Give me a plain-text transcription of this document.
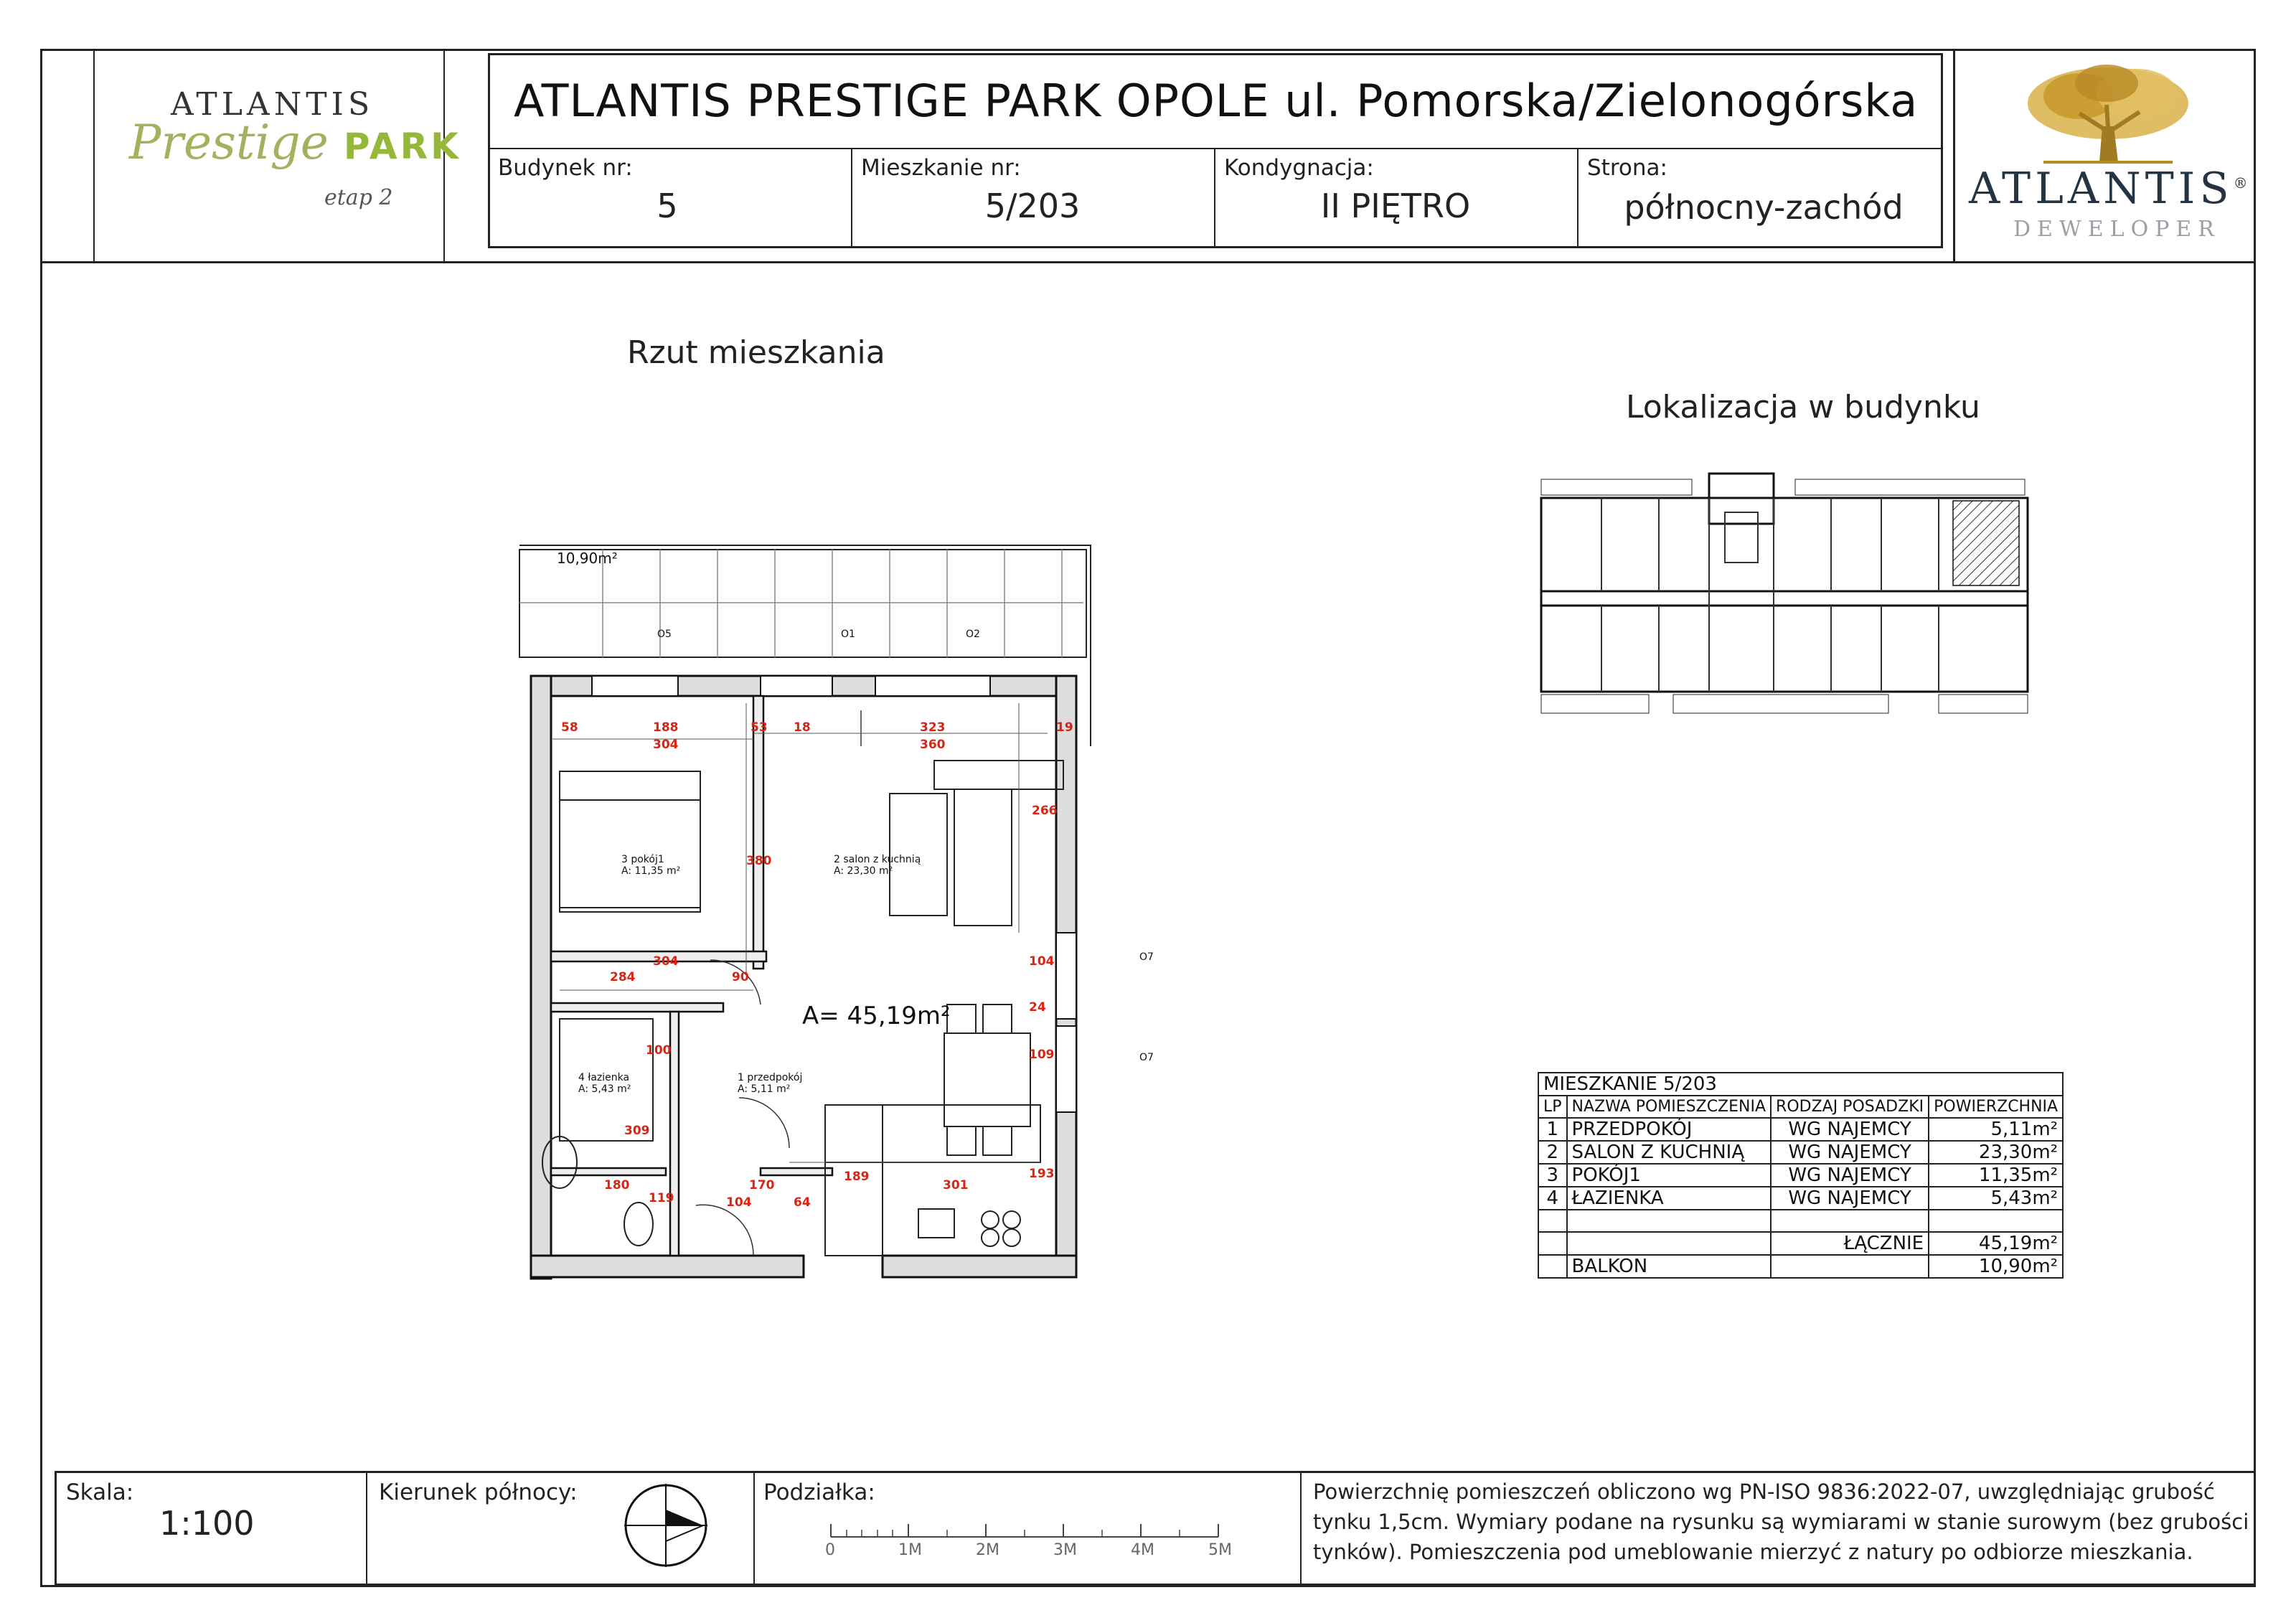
ATLANTIS
Prestige PARK
etap 2
ATLANTIS PRESTIGE PARK OPOLE ul. Pomorska/Zielonogórska
Budynek nr:
5
Mieszkanie nr:
5/203
Kondygnacja:
II PIĘTRO
Strona:
północny-zachód	ATLANTIS®
DEWELOPER
Rzut mieszkania
Lokalizacja w budynku
10,90m²
A= 45,19m²
3 pokój1
A: 11,35 m²
2 salon z kuchnią
A: 23,30 m²
4 łazienka
A: 5,43 m²
1 przedpokój
A: 5,11 m²
58	188
304
53 18	323
360
19
380
266
304
284	90
104
109
24
100
309
180
119
170
104	64
189
301
193
O5	O1	O2
O7
O7
MIESZKANIE 5/203			
LP	NAZWA POMIESZCZENIA	RODZAJ POSADZKI	POWIERZCHNIA
1	PRZEDPOKÓJ	WG NAJEMCY	5,11m²
2	SALON Z KUCHNIĄ	WG NAJEMCY	23,30m²
3	POKÓJ1	WG NAJEMCY	11,35m²
4	ŁAZIENKA	WG NAJEMCY	5,43m²

		ŁĄCZNIE	45,19m²
	BALKON		10,90m²
Skala:
1:100
Kierunek północy:	Podziałka:
0	1M	2M	3M	4M	5M
Powierzchnię pomieszczeń obliczono wg PN-ISO 9836:2022-07, uwzględniając grubość tynku 1,5cm. Wymiary podane na rysunku są wymiarami w stanie surowym (bez grubości tynków). Pomieszczenia pod umeblowanie mierzyć z natury po odbiorze mieszkania.
